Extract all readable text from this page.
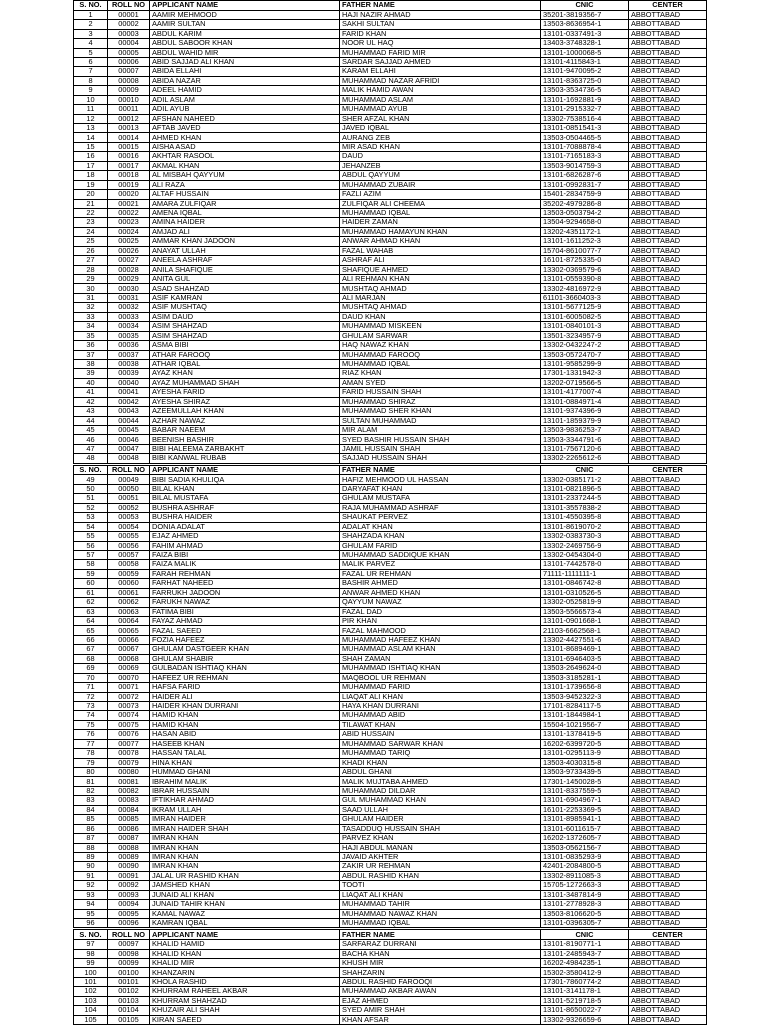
S. NO.	ROLL NO	APPLICANT NAME	FATHER NAME	CNIC	CENTER
1	00001	AAMIR MEHMOOD	HAJI NAZIR AHMAD	35201-3819356-7	ABBOTTABAD
2	00002	AAMIR SULTAN	SAKHI SULTAN	13503-8636954-1	ABBOTTABAD
3	00003	ABDUL KARIM	FARID KHAN	13101-0337491-3	ABBOTTABAD
4	00004	ABDUL SABOOR KHAN	NOOR UL HAQ	13403-3748328-1	ABBOTTABAD
5	00005	ABDUL WAHID MIR	MUHAMMAD FARID MIR	13101-1000068-5	ABBOTTABAD
6	00006	ABID SAJJAD ALI KHAN	SARDAR SAJJAD AHMED	13101-4115843-1	ABBOTTABAD
7	00007	ABIDA ELLAHI	KARAM ELLAHI	13101-9470095-2	ABBOTTABAD
8	00008	ABIDA NAZAR	MUHAMMAD NAZAR AFRIDI	13101-8363725-0	ABBOTTABAD
9	00009	ADEEL HAMID	MALIK HAMID AWAN	13503-3534736-5	ABBOTTABAD
10	00010	ADIL ASLAM	MUHAMMAD ASLAM	13101-1692881-9	ABBOTTABAD
11	00011	ADIL AYUB	MUHAMMAD AYUB	13101-2915332-7	ABBOTTABAD
12	00012	AFSHAN NAHEED	SHER AFZAL KHAN	13302-7538516-4	ABBOTTABAD
13	00013	AFTAB JAVED	JAVED IQBAL	13101-0851541-3	ABBOTTABAD
14	00014	AHMED KHAN	AURANG ZEB	13503-0504465-5	ABBOTTABAD
15	00015	AISHA ASAD	MIR ASAD KHAN	13101-7088878-4	ABBOTTABAD
16	00016	AKHTAR RASOOL	DAUD	13101-7165183-3	ABBOTTABAD
17	00017	AKMAL KHAN	JEHANZEB	13503-9014759-3	ABBOTTABAD
18	00018	AL MISBAH QAYYUM	ABDUL QAYYUM	13101-6826287-6	ABBOTTABAD
19	00019	ALI RAZA	MUHAMMAD ZUBAIR	13101-0992831-7	ABBOTTABAD
20	00020	ALTAF HUSSAIN	FAZLI AZIM	15401-2834759-9	ABBOTTABAD
21	00021	AMARA ZULFIQAR	ZULFIQAR ALI CHEEMA	35202-4979286-8	ABBOTTABAD
22	00022	AMENA IQBAL	MUHAMMAD IQBAL	13503-0503794-2	ABBOTTABAD
23	00023	AMINA HAIDER	HAIDER ZAMAN	13504-9294658-0	ABBOTTABAD
24	00024	AMJAD ALI	MUHAMMAD HAMAYUN KHAN	13202-4351172-1	ABBOTTABAD
25	00025	AMMAR KHAN JADOON	ANWAR AHMAD KHAN	13101-1611252-3	ABBOTTABAD
26	00026	ANAYAT ULLAH	FAZAL WAHAB	15704-8610077-7	ABBOTTABAD
27	00027	ANEELA ASHRAF	ASHRAF ALI	16101-8725335-0	ABBOTTABAD
28	00028	ANILA SHAFIQUE	SHAFIQUE AHMED	13302-0369579-6	ABBOTTABAD
29	00029	ANITA GUL	ALI REHMAN KHAN	13101-0559390-8	ABBOTTABAD
30	00030	ASAD SHAHZAD	MUSHTAQ AHMAD	13302-4816972-9	ABBOTTABAD
31	00031	ASIF KAMRAN	ALI MARJAN	61101-3660403-3	ABBOTTABAD
32	00032	ASIF MUSHTAQ	MUSHTAQ AHMAD	13101-5677125-9	ABBOTTABAD
33	00033	ASIM DAUD	DAUD KHAN	13101-6005082-5	ABBOTTABAD
34	00034	ASIM SHAHZAD	MUHAMMAD MISKEEN	13101-0840101-3	ABBOTTABAD
35	00035	ASIM SHAHZAD	GHULAM SARWAR	13501-3234957-9	ABBOTTABAD
36	00036	ASMA BIBI	HAQ NAWAZ KHAN	13302-0432247-2	ABBOTTABAD
37	00037	ATHAR FAROOQ	MUHAMMAD FAROOQ	13503-0572470-7	ABBOTTABAD
38	00038	ATHAR IQBAL	MUHAMMAD IQBAL	13101-9585299-9	ABBOTTABAD
39	00039	AYAZ KHAN	RIAZ KHAN	17301-1331942-3	ABBOTTABAD
40	00040	AYAZ MUHAMMAD SHAH	AMAN SYED	13202-0719566-5	ABBOTTABAD
41	00041	AYESHA FARID	FARID HUSSAIN SHAH	13101-4177007-4	ABBOTTABAD
42	00042	AYESHA SHIRAZ	MUHAMMAD SHIRAZ	13101-0884971-4	ABBOTTABAD
43	00043	AZEEMULLAH KHAN	MUHAMMAD SHER KHAN	13101-9374396-9	ABBOTTABAD
44	00044	AZHAR NAWAZ	SULTAN MUHAMMAD	13101-1859379-9	ABBOTTABAD
45	00045	BABAR NAEEM	MIR ALAM	13503-9836253-7	ABBOTTABAD
46	00046	BEENISH BASHIR	SYED BASHIR HUSSAIN SHAH	13503-3344791-6	ABBOTTABAD
47	00047	BIBI HALEEMA ZARBAKHT	JAMIL HUSSAIN SHAH	13101-7567120-6	ABBOTTABAD
48	00048	BIBI KANWAL RUBAB	SAJJAD HUSSAIN SHAH	13302-2265612-6	ABBOTTABAD
S. NO.	ROLL NO	APPLICANT NAME	FATHER NAME	CNIC	CENTER
49	00049	BIBI SADIA KHULIQA	HAFIZ MEHMOOD UL HASSAN	13302-0385171-2	ABBOTTABAD
50	00050	BILAL KHAN	DARYAFAT KHAN	13101-0821896-5	ABBOTTABAD
51	00051	BILAL MUSTAFA	GHULAM MUSTAFA	13101-2337244-5	ABBOTTABAD
52	00052	BUSHRA ASHRAF	RAJA MUHAMMAD ASHRAF	13101-3557838-2	ABBOTTABAD
53	00053	BUSHRA HAIDER	SHAUKAT PERVEZ	13101-4550395-8	ABBOTTABAD
54	00054	DONIA ADALAT	ADALAT KHAN	13101-8619070-2	ABBOTTABAD
55	00055	EJAZ AHMED	SHAHZADA KHAN	13302-0383730-3	ABBOTTABAD
56	00056	FAHIM AHMAD	GHULAM FARID	13302-2469756-9	ABBOTTABAD
57	00057	FAIZA BIBI	MUHAMMAD SADDIQUE KHAN	13302-0454304-0	ABBOTTABAD
58	00058	FAIZA MALIK	MALIK PARVEZ	13101-7442578-0	ABBOTTABAD
59	00059	FARAH REHMAN	FAZAL UR REHMAN	71111-1111111-1	ABBOTTABAD
60	00060	FARHAT NAHEED	BASHIR AHMED	13101-0846742-8	ABBOTTABAD
61	00061	FARRUKH JADOON	ANWAR AHMED KHAN	13101-0310526-5	ABBOTTABAD
62	00062	FARUKH NAWAZ	QAYYUM NAWAZ	13302-0525819-9	ABBOTTABAD
63	00063	FATIMA BIBI	FAZAL DAD	13503-5566573-4	ABBOTTABAD
64	00064	FAYAZ AHMAD	PIR KHAN	13101-0901668-1	ABBOTTABAD
65	00065	FAZAL SAEED	FAZAL MAHMOOD	21103-6662568-1	ABBOTTABAD
66	00066	FOZIA HAFEEZ	MUHAMMAD HAFEEZ KHAN	13302-4427551-6	ABBOTTABAD
67	00067	GHULAM DASTGEER KHAN	MUHAMMAD ASLAM KHAN	13101-8689469-1	ABBOTTABAD
68	00068	GHULAM SHABIR	SHAH ZAMAN	13101-6946403-5	ABBOTTABAD
69	00069	GULBADAN ISHTIAQ KHAN	MUHAMMAD ISHTIAQ KHAN	13503-2649624-0	ABBOTTABAD
70	00070	HAFEEZ UR REHMAN	MAQBOOL UR REHMAN	13503-3185281-1	ABBOTTABAD
71	00071	HAFSA FARID	MUHAMMAD FARID	13101-1739656-8	ABBOTTABAD
72	00072	HAIDER ALI	LIAQAT ALI KHAN	13503-9452322-3	ABBOTTABAD
73	00073	HAIDER KHAN DURRANI	HAYA KHAN DURRANI	17101-8284117-5	ABBOTTABAD
74	00074	HAMID KHAN	MUHAMMAD ABID	13101-1844984-1	ABBOTTABAD
75	00075	HAMID KHAN	TILAWAT KHAN	15504-1021956-7	ABBOTTABAD
76	00076	HASAN ABID	ABID HUSSAIN	13101-1378419-5	ABBOTTABAD
77	00077	HASEEB KHAN	MUHAMMAD SARWAR KHAN	16202-6399720-5	ABBOTTABAD
78	00078	HASSAN TALAL	MUHAMMAD TARIQ	13101-0295113-9	ABBOTTABAD
79	00079	HINA KHAN	KHADI KHAN	13503-4030315-8	ABBOTTABAD
80	00080	HUMMAD GHANI	ABDUL GHANI	13503-9733439-5	ABBOTTABAD
81	00081	IBRAHIM MALIK	MALIK MUJTABA AHMED	17301-1450028-5	ABBOTTABAD
82	00082	IBRAR HUSSAIN	MUHAMMAD DILDAR	13101-8337559-5	ABBOTTABAD
83	00083	IFTIKHAR AHMAD	GUL MUHAMMAD KHAN	13101-6904967-1	ABBOTTABAD
84	00084	IKRAM ULLAH	SAAD ULLAH	16101-2253369-5	ABBOTTABAD
85	00085	IMRAN HAIDER	GHULAM HAIDER	13101-8985941-1	ABBOTTABAD
86	00086	IMRAN HAIDER SHAH	TASADDUQ HUSSAIN SHAH	13101-6011615-7	ABBOTTABAD
87	00087	IMRAN KHAN	PARVEZ KHAN	16202-1372605-7	ABBOTTABAD
88	00088	IMRAN KHAN	HAJI ABDUL MANAN	13503-0562156-7	ABBOTTABAD
89	00089	IMRAN KHAN	JAVAID AKHTER	13101-0835293-9	ABBOTTABAD
90	00090	IMRAN KHAN	ZAKIR UR REHMAN	42401-2084800-5	ABBOTTABAD
91	00091	JALAL UR RASHID KHAN	ABDUL RASHID KHAN	13302-8911085-3	ABBOTTABAD
92	00092	JAMSHED KHAN	TOOTI	15705-1272663-3	ABBOTTABAD
93	00093	JUNAID ALI KHAN	LIAQAT ALI KHAN	13101-3487814-9	ABBOTTABAD
94	00094	JUNAID TAHIR KHAN	MUHAMMAD TAHIR	13101-2778928-3	ABBOTTABAD
95	00095	KAMAL NAWAZ	MUHAMMAD NAWAZ KHAN	13503-8106620-5	ABBOTTABAD
96	00096	KAMRAN IQBAL	MUHAMMAD IQBAL	13101-0396305-7	ABBOTTABAD
S. NO.	ROLL NO	APPLICANT NAME	FATHER NAME	CNIC	CENTER
97	00097	KHALID HAMID	SARFARAZ DURRANI	13101-8190771-1	ABBOTTABAD
98	00098	KHALID KHAN	BACHA KHAN	13101-2485943-7	ABBOTTABAD
99	00099	KHALID MIR	KHUSH MIR	16202-4984235-1	ABBOTTABAD
100	00100	KHANZARIN	SHAHZARIN	15302-3580412-9	ABBOTTABAD
101	00101	KHOLA RASHID	ABDUL RASHID FAROOQI	17301-7860774-2	ABBOTTABAD
102	00102	KHURRAM RAHEEL AKBAR	MUHAMMAD AKBAR AWAN	13101-3141178-1	ABBOTTABAD
103	00103	KHURRAM SHAHZAD	EJAZ AHMED	13101-5219718-5	ABBOTTABAD
104	00104	KHUZAIR ALI SHAH	SYED AMIR SHAH	13101-8650022-7	ABBOTTABAD
105	00105	KIRAN SAEED	KHAN AFSAR	13302-9326659-6	ABBOTTABAD
